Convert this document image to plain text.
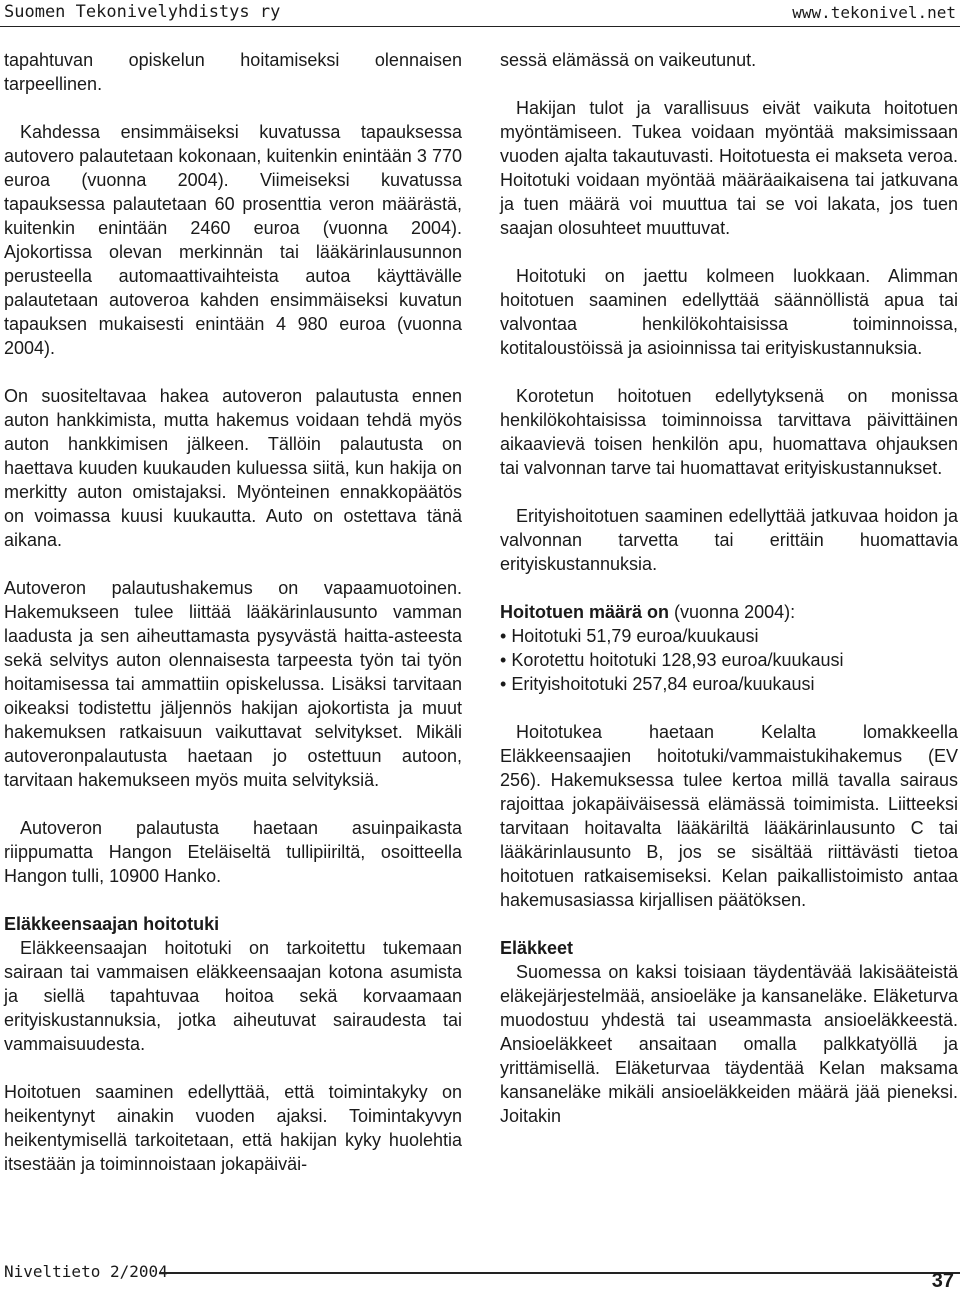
Suomen Tekonivelyhdistys ry	www.tekonivel.net

tapahtuvan opiskelun hoitamiseksi olennaisen tarpeellinen.

Kahdessa ensimmäiseksi kuvatussa tapauksessa autovero palautetaan kokonaan, kuitenkin enintään 3 770 euroa (vuonna 2004). Viimeiseksi kuvatussa tapauksessa palautetaan 60 prosenttia veron määrästä, kuitenkin enintään 2460 euroa (vuonna 2004). Ajokortissa olevan merkinnän tai lääkärinlausunnon perusteella automaattivaihteista autoa käyttävälle palautetaan autoveroa kahden ensimmäiseksi kuvatun tapauksen mukaisesti enintään 4 980 euroa (vuonna 2004).

On suositeltavaa hakea autoveron palautusta ennen auton hankkimista, mutta hakemus voidaan tehdä myös auton hankkimisen jälkeen. Tällöin palautusta on haettava kuuden kuukauden kuluessa siitä, kun hakija on merkitty auton omistajaksi. Myönteinen ennakkopäätös on voimassa kuusi kuukautta. Auto on ostettava tänä aikana.

Autoveron palautushakemus on vapaamuotoinen. Hakemukseen tulee liittää lääkärinlausunto vamman laadusta ja sen aiheuttamasta pysyvästä haitta-asteesta sekä selvitys auton olennaisesta tarpeesta työn tai työn hoitamisessa tai ammattiin opiskelussa. Lisäksi tarvitaan oikeaksi todistettu jäljennös hakijan ajokortista ja muut hakemuksen ratkaisuun vaikuttavat selvitykset. Mikäli autoveronpalautusta haetaan jo ostettuun autoon, tarvitaan hakemukseen myös muita selvityksiä.

Autoveron palautusta haetaan asuinpaikasta riippumatta Hangon Eteläiseltä tullipiiriltä, osoitteella Hangon tulli, 10900 Hanko.

Eläkkeensaajan hoitotuki

Eläkkeensaajan hoitotuki on tarkoitettu tukemaan sairaan tai vammaisen eläkkeensaajan kotona asumista ja siellä tapahtuvaa hoitoa sekä korvaamaan erityiskustannuksia, jotka aiheutuvat sairaudesta tai vammaisuudesta.

Hoitotuen saaminen edellyttää, että toimintakyky on heikentynyt ainakin vuoden ajaksi. Toimintakyvyn heikentymisellä tarkoitetaan, että hakijan kyky huolehtia itsestään ja toiminnoistaan jokapäiväi-

sessä elämässä on vaikeutunut.

Hakijan tulot ja varallisuus eivät vaikuta hoitotuen myöntämiseen. Tukea voidaan myöntää maksimissaan vuoden ajalta takautuvasti. Hoitotuesta ei makseta veroa. Hoitotuki voidaan myöntää määräaikaisena tai jatkuvana ja tuen määrä voi muuttua tai se voi lakata, jos tuen saajan olosuhteet muuttuvat.

Hoitotuki on jaettu kolmeen luokkaan. Alimman hoitotuen saaminen edellyttää säännöllistä apua tai valvontaa henkilökohtaisissa toiminnoissa, kotitaloustöissä ja asioinnissa tai erityiskustannuksia.

Korotetun hoitotuen edellytyksenä on monissa henkilökohtaisissa toiminnoissa tarvittava päivittäinen aikaavievä toisen henkilön apu, huomattava ohjauksen tai valvonnan tarve tai huomattavat erityiskustannukset.

Erityishoitotuen saaminen edellyttää jatkuvaa hoidon ja valvonnan tarvetta tai erittäin huomattavia erityiskustannuksia.

Hoitotuen määrä on (vuonna 2004):

• Hoitotuki 51,79 euroa/kuukausi
• Korotettu hoitotuki 128,93 euroa/kuukausi
• Erityishoitotuki 257,84 euroa/kuukausi

Hoitotukea haetaan Kelalta lomakkeella Eläkkeensaajien hoitotuki/vammaistukihakemus (EV 256). Hakemuksessa tulee kertoa millä tavalla sairaus rajoittaa jokapäiväisessä elämässä toimimista. Liitteeksi tarvitaan hoitavalta lääkäriltä lääkärinlausunto C tai lääkärinlausunto B, jos se sisältää riittävästi tietoa hoitotuen ratkaisemiseksi. Kelan paikallistoimisto antaa hakemusasiassa kirjallisen päätöksen.

Eläkkeet

Suomessa on kaksi toisiaan täydentävää lakisääteistä eläkejärjestelmää, ansioeläke ja kansaneläke. Eläketurva muodostuu yhdestä tai useammasta ansioeläkkeestä. Ansioeläkkeet ansaitaan omalla palkkatyöllä ja yrittämisellä. Eläketurvaa täydentää Kelan maksama kansaneläke mikäli ansioeläkkeiden määrä jää pieneksi. Joitakin

Niveltieto 2/2004	37
